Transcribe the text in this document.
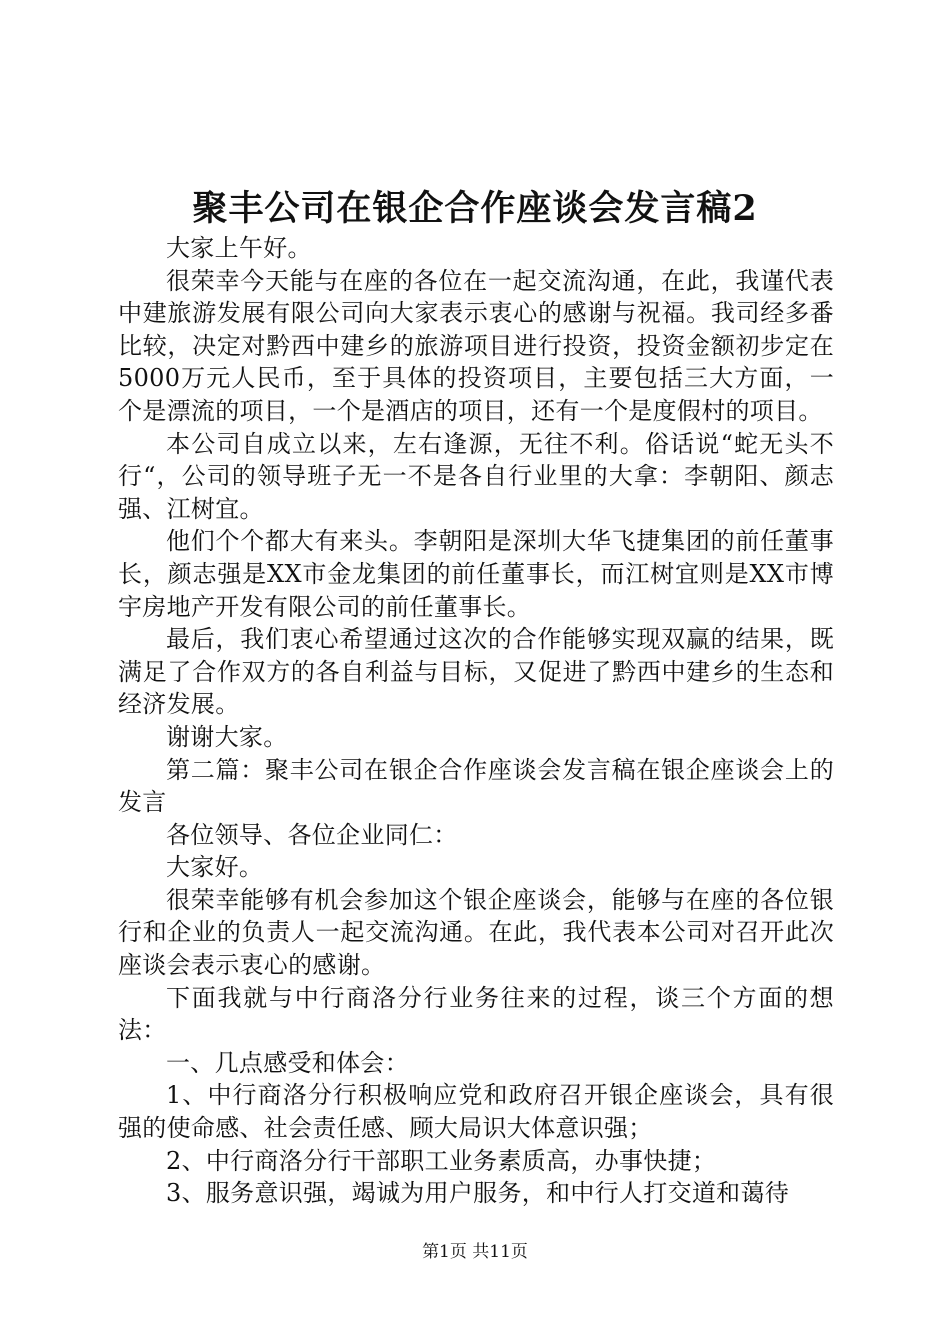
聚丰公司在银企合作座谈会发言稿2

大家上午好。

很荣幸今天能与在座的各位在一起交流沟通，在此，我谨代表中建旅游发展有限公司向大家表示衷心的感谢与祝福。我司经多番比较，决定对黔西中建乡的旅游项目进行投资，投资金额初步定在5000万元人民币，至于具体的投资项目，主要包括三大方面，一个是漂流的项目，一个是酒店的项目，还有一个是度假村的项目。

本公司自成立以来，左右逢源，无往不利。俗话说“蛇无头不行“，公司的领导班子无一不是各自行业里的大拿：李朝阳、颜志强、江树宜。

他们个个都大有来头。李朝阳是深圳大华飞捷集团的前任董事长，颜志强是XX市金龙集团的前任董事长，而江树宜则是XX市博宇房地产开发有限公司的前任董事长。

最后，我们衷心希望通过这次的合作能够实现双赢的结果，既满足了合作双方的各自利益与目标，又促进了黔西中建乡的生态和经济发展。

谢谢大家。

第二篇：聚丰公司在银企合作座谈会发言稿在银企座谈会上的发言

各位领导、各位企业同仁：

大家好。

很荣幸能够有机会参加这个银企座谈会，能够与在座的各位银行和企业的负责人一起交流沟通。在此，我代表本公司对召开此次座谈会表示衷心的感谢。

下面我就与中行商洛分行业务往来的过程，谈三个方面的想法：

一、几点感受和体会：

1、中行商洛分行积极响应党和政府召开银企座谈会，具有很强的使命感、社会责任感、顾大局识大体意识强；

2、中行商洛分行干部职工业务素质高，办事快捷；

3、服务意识强，竭诚为用户服务，和中行人打交道和蔼待

第1页 共11页
